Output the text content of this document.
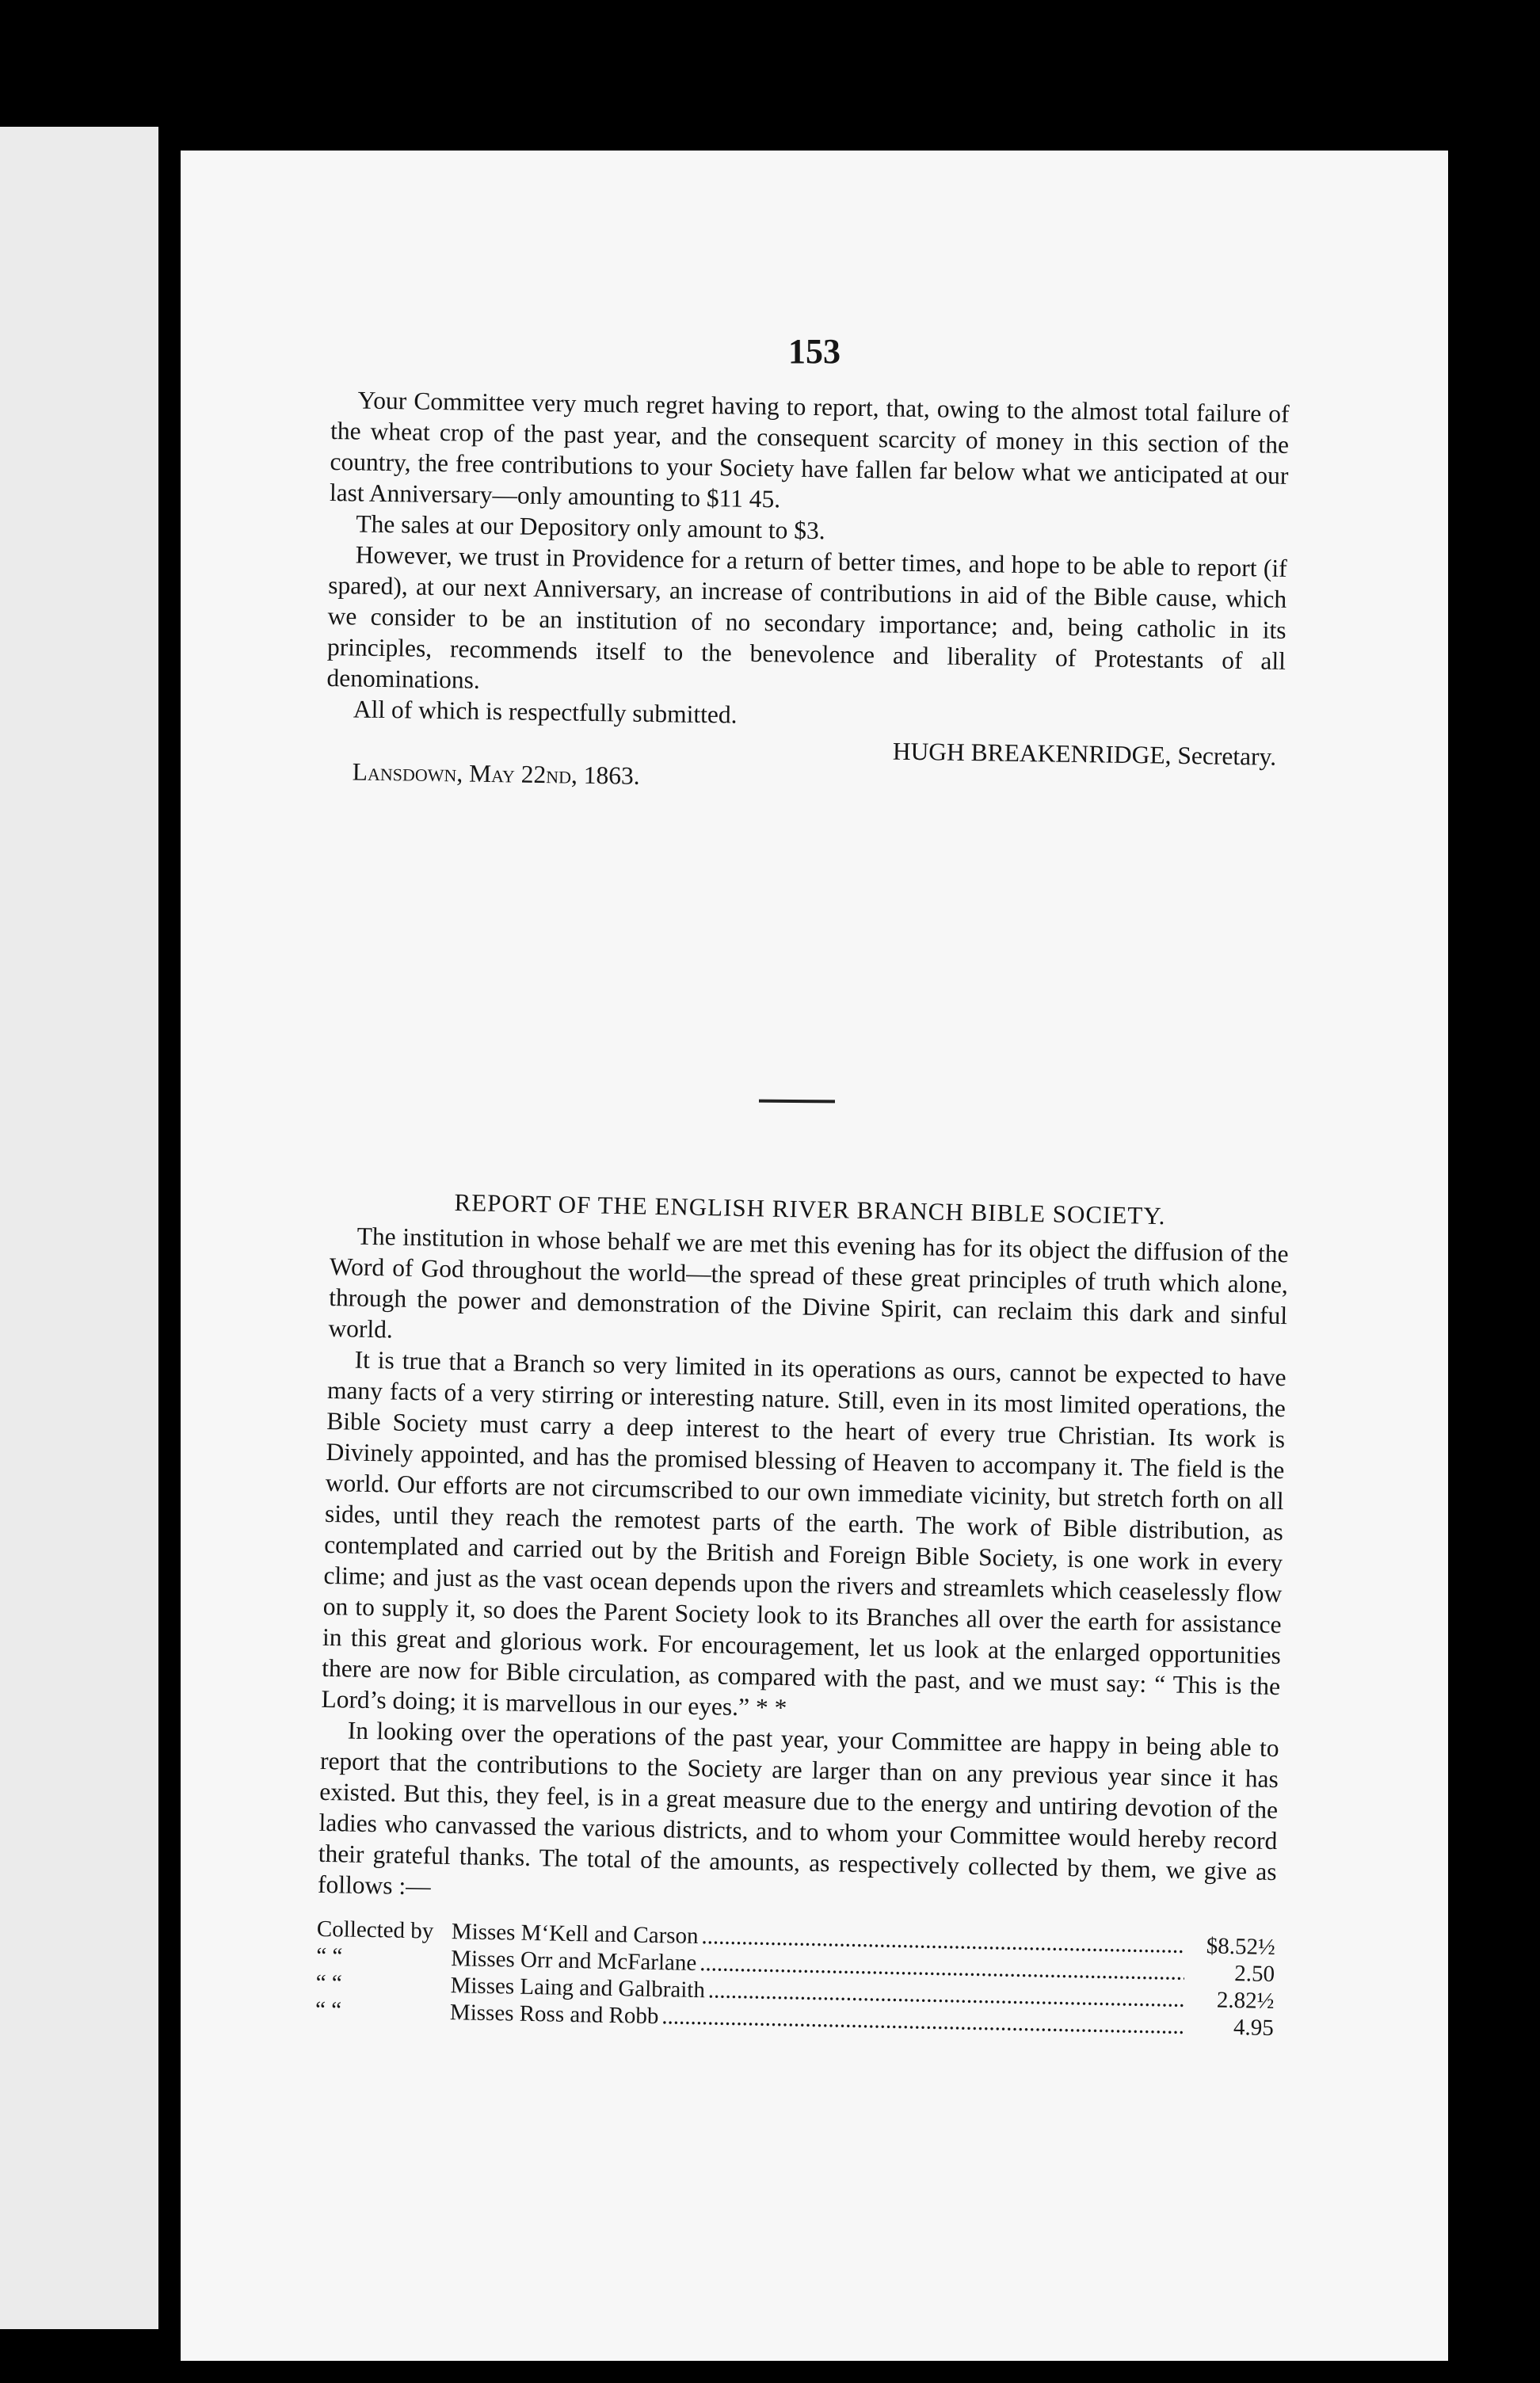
153

Your Committee very much regret having to report, that, owing to the almost total failure of the wheat crop of the past year, and the consequent scarcity of money in this section of the country, the free contributions to your Society have fallen far below what we anticipated at our last Anniversary—only amounting to $11 45.

The sales at our Depository only amount to $3.

However, we trust in Providence for a return of better times, and hope to be able to report (if spared), at our next Anniversary, an increase of contributions in aid of the Bible cause, which we consider to be an institution of no secondary importance; and, being catholic in its principles, recommends itself to the benevolence and liberality of Protestants of all denominations.

All of which is respectfully submitted.

HUGH BREAKENRIDGE, Secretary.
Lansdown, May 22nd, 1863.

REPORT OF THE ENGLISH RIVER BRANCH BIBLE SOCIETY.

The institution in whose behalf we are met this evening has for its object the diffusion of the Word of God throughout the world—the spread of these great principles of truth which alone, through the power and demonstration of the Divine Spirit, can reclaim this dark and sinful world.

It is true that a Branch so very limited in its operations as ours, cannot be expected to have many facts of a very stirring or interesting nature. Still, even in its most limited operations, the Bible Society must carry a deep interest to the heart of every true Christian. Its work is Divinely appointed, and has the promised blessing of Heaven to accompany it. The field is the world. Our efforts are not circumscribed to our own immediate vicinity, but stretch forth on all sides, until they reach the remotest parts of the earth. The work of Bible distribution, as contemplated and carried out by the British and Foreign Bible Society, is one work in every clime; and just as the vast ocean depends upon the rivers and streamlets which ceaselessly flow on to supply it, so does the Parent Society look to its Branches all over the earth for assistance in this great and glorious work. For encouragement, let us look at the enlarged opportunities there are now for Bible circulation, as compared with the past, and we must say: “ This is the Lord’s doing; it is marvellous in our eyes.” * *

In looking over the operations of the past year, your Committee are happy in being able to report that the contributions to the Society are larger than on any previous year since it has existed. But this, they feel, is in a great measure due to the energy and untiring devotion of the ladies who canvassed the various districts, and to whom your Committee would hereby record their grateful thanks. The total of the amounts, as respectively collected by them, we give as follows :—

Collected by Misses M‘Kell and Carson .....	$8.52½
“ “	Misses Orr and McFarlane .....	2.50
“ “	Misses Laing and Galbraith .....	2.82½
“ “	Misses Ross and Robb .....	4.95
